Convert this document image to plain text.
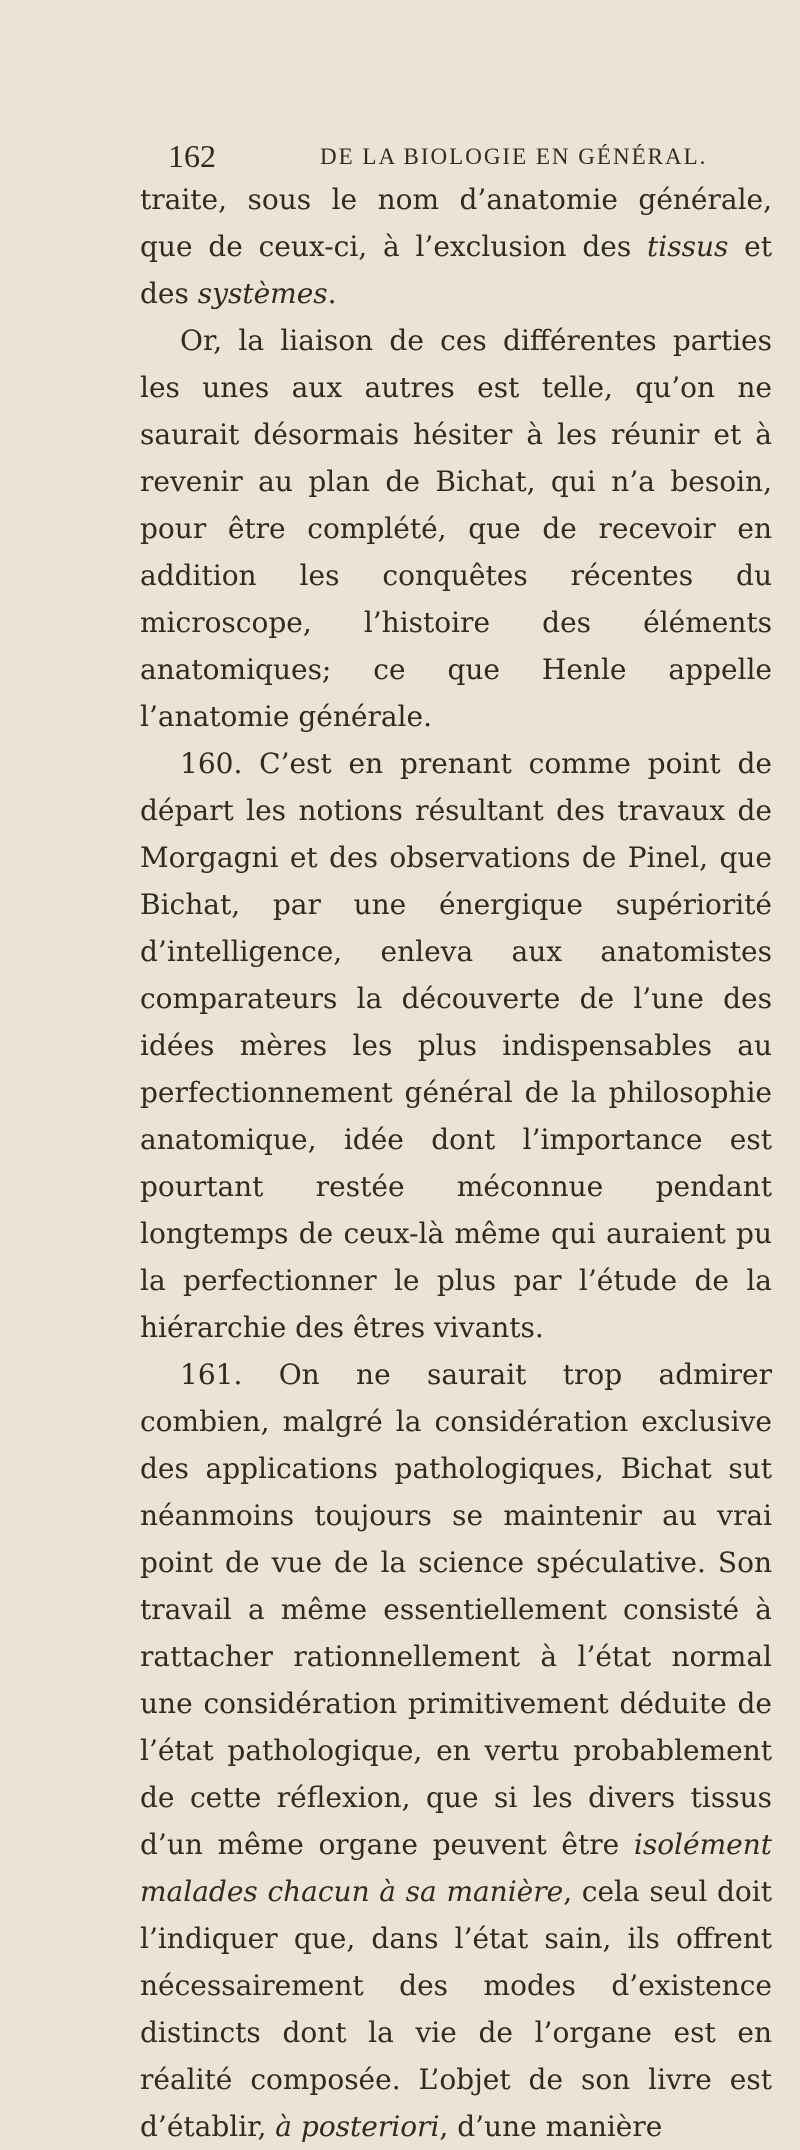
162	DE LA BIOLOGIE EN GÉNÉRAL.

traite, sous le nom d’anatomie générale, que de ceux-ci, à l’exclusion des tissus et des systèmes.

Or, la liaison de ces différentes parties les unes aux autres est telle, qu’on ne saurait désormais hésiter à les réunir et à revenir au plan de Bichat, qui n’a besoin, pour être complété, que de recevoir en addition les conquêtes récentes du microscope, l’histoire des éléments anatomiques; ce que Henle appelle l’anatomie générale.

160. C’est en prenant comme point de départ les notions résultant des travaux de Morgagni et des observations de Pinel, que Bichat, par une énergique supériorité d’intelligence, enleva aux anatomistes comparateurs la découverte de l’une des idées mères les plus indispensables au perfectionnement général de la philosophie anatomique, idée dont l’importance est pourtant restée méconnue pendant longtemps de ceux-là même qui auraient pu la perfectionner le plus par l’étude de la hiérarchie des êtres vivants.

161. On ne saurait trop admirer combien, malgré la considération exclusive des applications pathologiques, Bichat sut néanmoins toujours se maintenir au vrai point de vue de la science spéculative. Son travail a même essentiellement consisté à rattacher rationnellement à l’état normal une considération primitivement déduite de l’état pathologique, en vertu probablement de cette réflexion, que si les divers tissus d’un même organe peuvent être isolément malades chacun à sa manière, cela seul doit l’indiquer que, dans l’état sain, ils offrent nécessairement des modes d’existence distincts dont la vie de l’organe est en réalité composée. L’objet de son livre est d’établir, à posteriori, d’une manière
